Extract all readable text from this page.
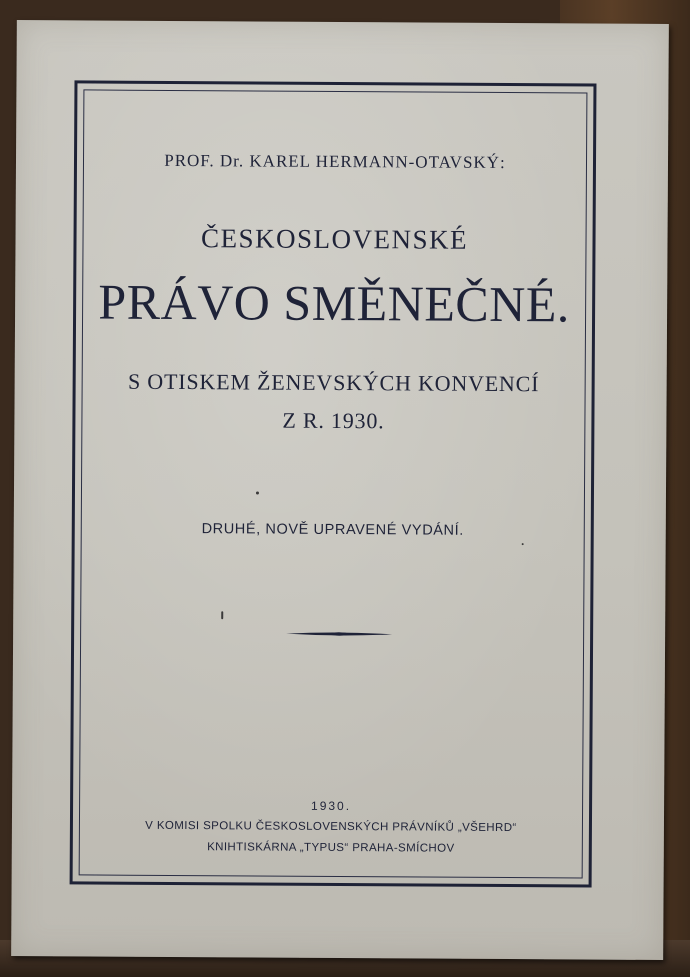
PROF. Dr. KAREL HERMANN-OTAVSKÝ:
ČESKOSLOVENSKÉ
PRÁVO SMĚNEČNÉ.
S OTISKEM ŽENEVSKÝCH KONVENCÍ
Z R. 1930.
DRUHÉ, NOVĚ UPRAVENÉ VYDÁNÍ.
1930.
V KOMISI SPOLKU ČESKOSLOVENSKÝCH PRÁVNÍKŮ „VŠEHRD“
KNIHTISKÁRNA „TYPUS“ PRAHA-SMÍCHOV
